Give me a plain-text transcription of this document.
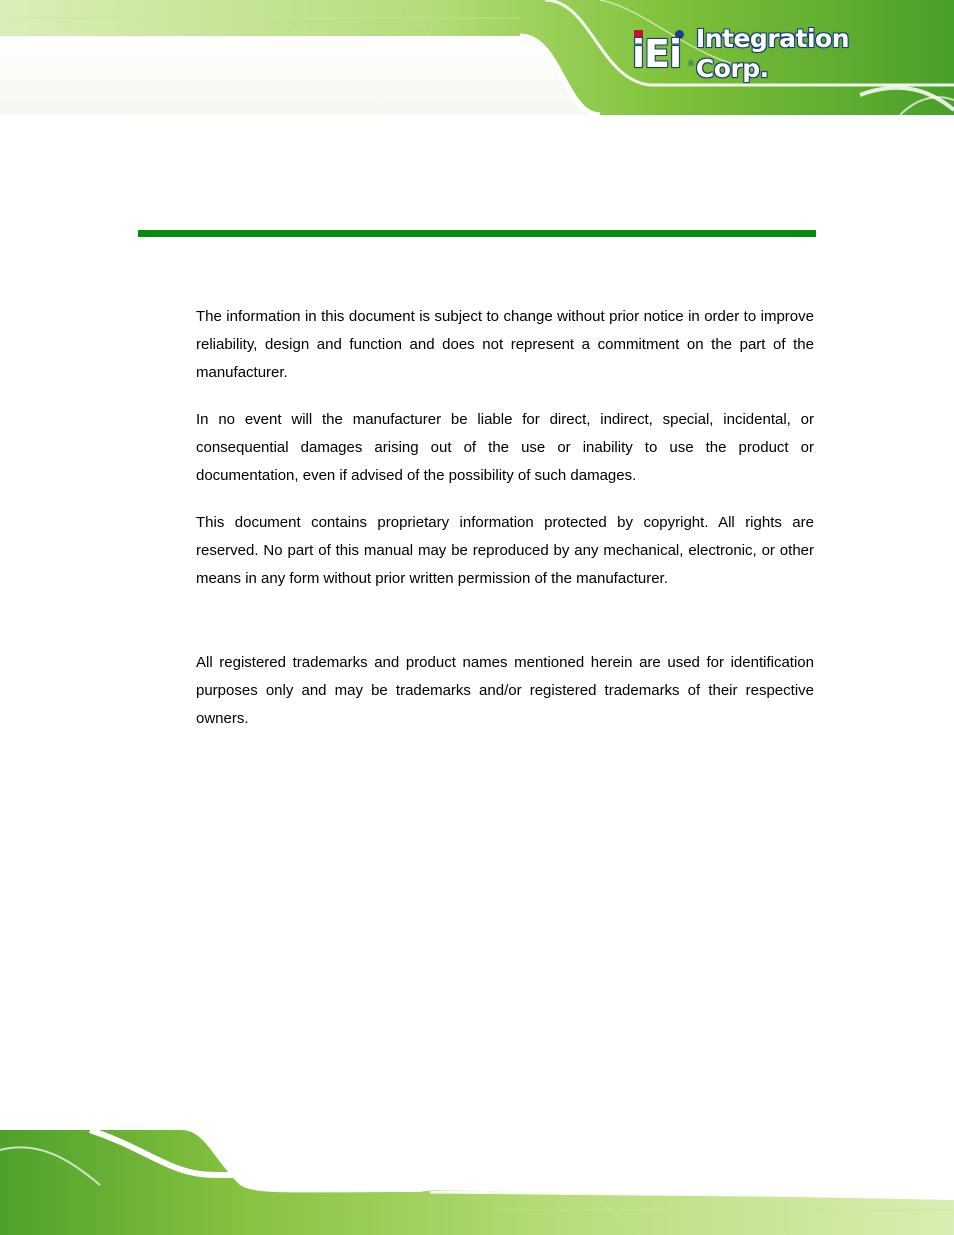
iEi ®
Integration Corp.

The information in this document is subject to change without prior notice in order to improve reliability, design and function and does not represent a commitment on the part of the manufacturer.

In no event will the manufacturer be liable for direct, indirect, special, incidental, or consequential damages arising out of the use or inability to use the product or documentation, even if advised of the possibility of such damages.

This document contains proprietary information protected by copyright. All rights are reserved. No part of this manual may be reproduced by any mechanical, electronic, or other means in any form without prior written permission of the manufacturer.

All registered trademarks and product names mentioned herein are used for identification purposes only and may be trademarks and/or registered trademarks of their respective owners.
